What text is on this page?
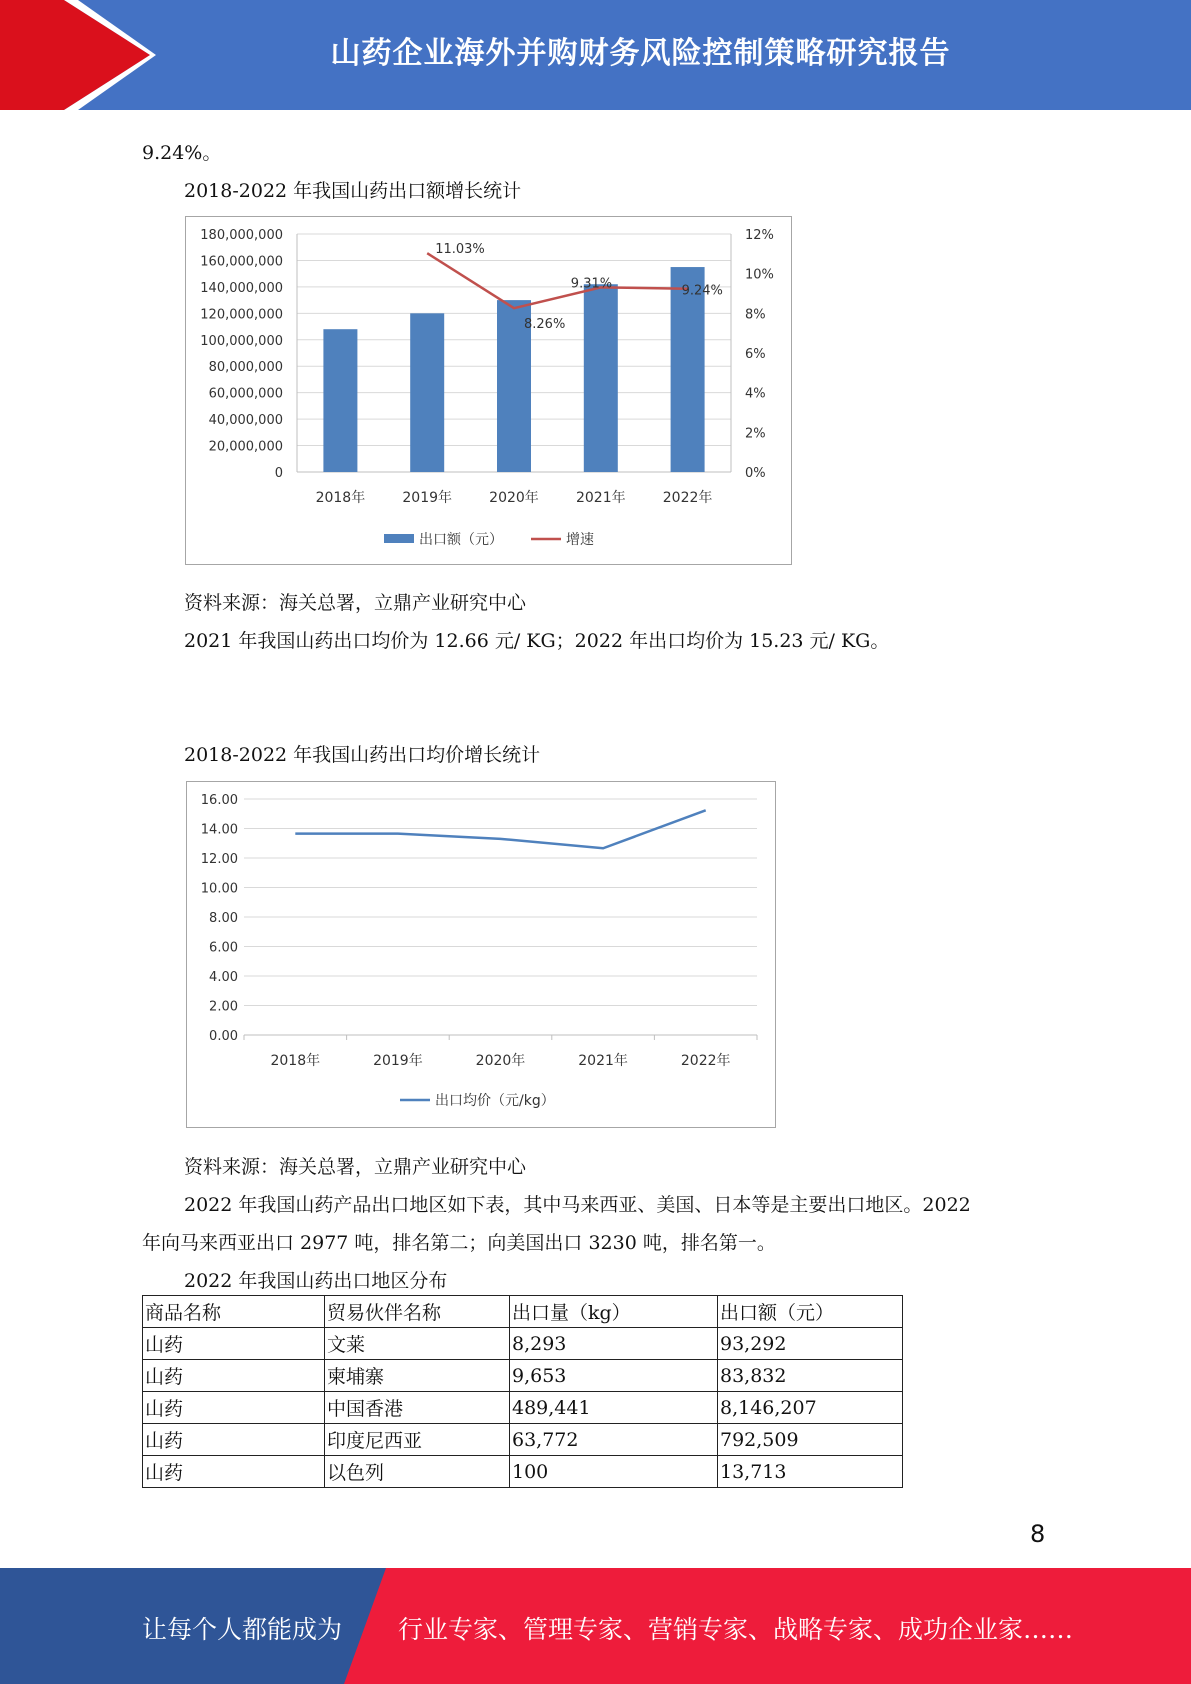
山药企业海外并购财务风险控制策略研究报告
9.24%。
2018-2022 年我国山药出口额增长统计
0
20,000,000
40,000,000
60,000,000
80,000,000
100,000,000
120,000,000
140,000,000
160,000,000
180,000,000
0%
2%
4%
6%
8%
10%
12%
2018年	2019年	2020年	2021年	2022年
11.03%
8.26%
9.31%	9.24%
出口额（元）	增速
资料来源：海关总署，立鼎产业研究中心
2021 年我国山药出口均价为 12.66 元/ KG；2022 年出口均价为 15.23 元/ KG。
2018-2022 年我国山药出口均价增长统计
0.00
2.00
4.00
6.00
8.00
10.00
12.00
14.00
16.00
2018年	2019年	2020年	2021年	2022年
出口均价（元/kg）
资料来源：海关总署，立鼎产业研究中心
2022 年我国山药产品出口地区如下表，其中马来西亚、美国、日本等是主要出口地区。2022
年向马来西亚出口 2977 吨，排名第二；向美国出口 3230 吨，排名第一。
2022 年我国山药出口地区分布
商品名称	贸易伙伴名称	出口量（kg）	出口额（元）
山药	文莱	8,293	93,292
山药	柬埔寨	9,653	83,832
山药	中国香港	489,441	8,146,207
山药	印度尼西亚	63,772	792,509
山药	以色列	100	13,713
8
让每个人都能成为 行业专家、管理专家、营销专家、战略专家、成功企业家……
